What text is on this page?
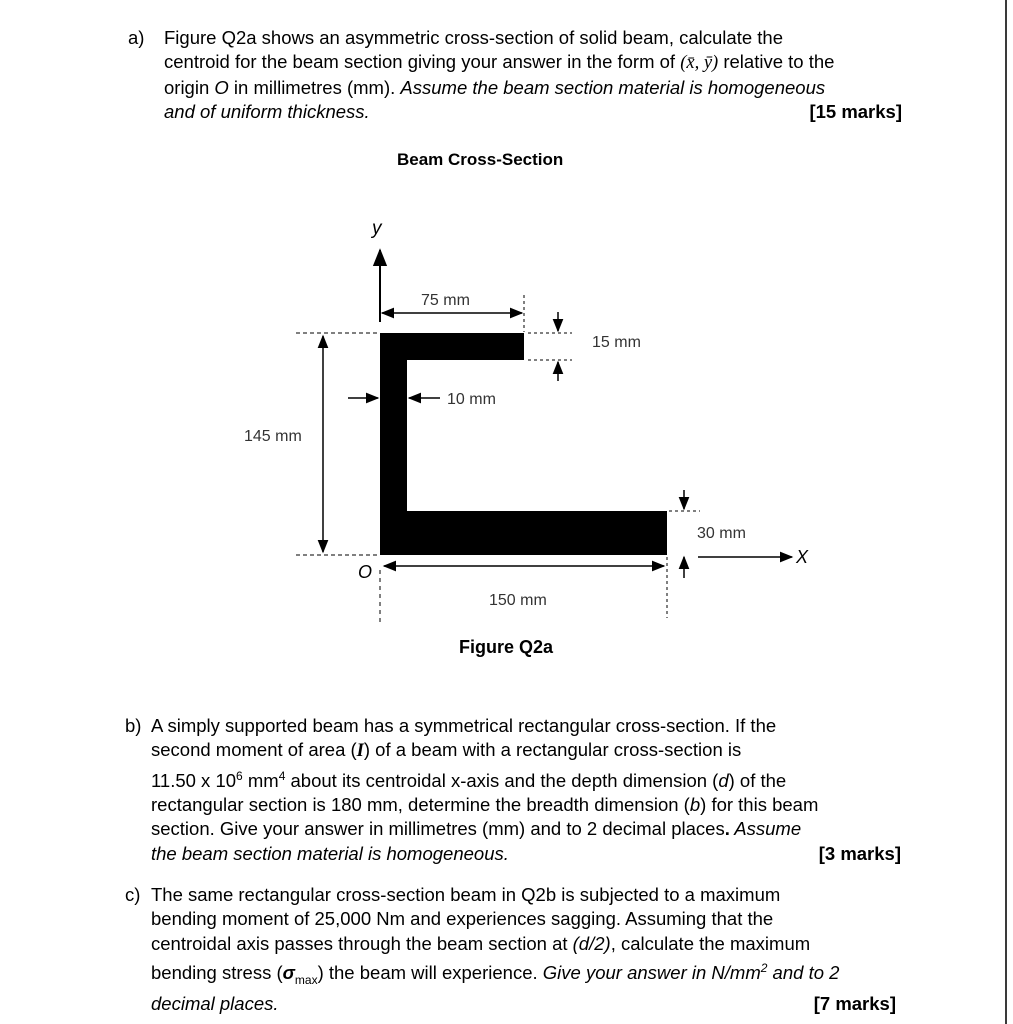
a) Figure Q2a shows an asymmetric cross-section of solid beam, calculate the
centroid for the beam section giving your answer in the form of (x̄, ȳ) relative to the
origin O in millimetres (mm). Assume the beam section material is homogeneous
and of uniform thickness.	[15 marks]
Beam Cross-Section
y
X
O
75 mm
15 mm
10 mm
145 mm
30 mm
150 mm
Figure Q2a
b) A simply supported beam has a symmetrical rectangular cross-section. If the
second moment of area (I) of a beam with a rectangular cross-section is
11.50 x $10^6$ $mm^4$ about its centroidal x-axis and the depth dimension (d) of the
rectangular section is 180 mm, determine the breadth dimension (b) for this beam
section. Give your answer in millimetres (mm) and to 2 decimal places. Assume
the beam section material is homogeneous.	[3 marks]
c) The same rectangular cross-section beam in Q2b is subjected to a maximum
bending moment of 25,000 Nm and experiences sagging. Assuming that the
centroidal axis passes through the beam section at (d/2), calculate the maximum
bending stress $(\sigma_{max})$ the beam will experience. Give your answer in $N/mm^2$ and to 2
decimal places.	[7 marks]
